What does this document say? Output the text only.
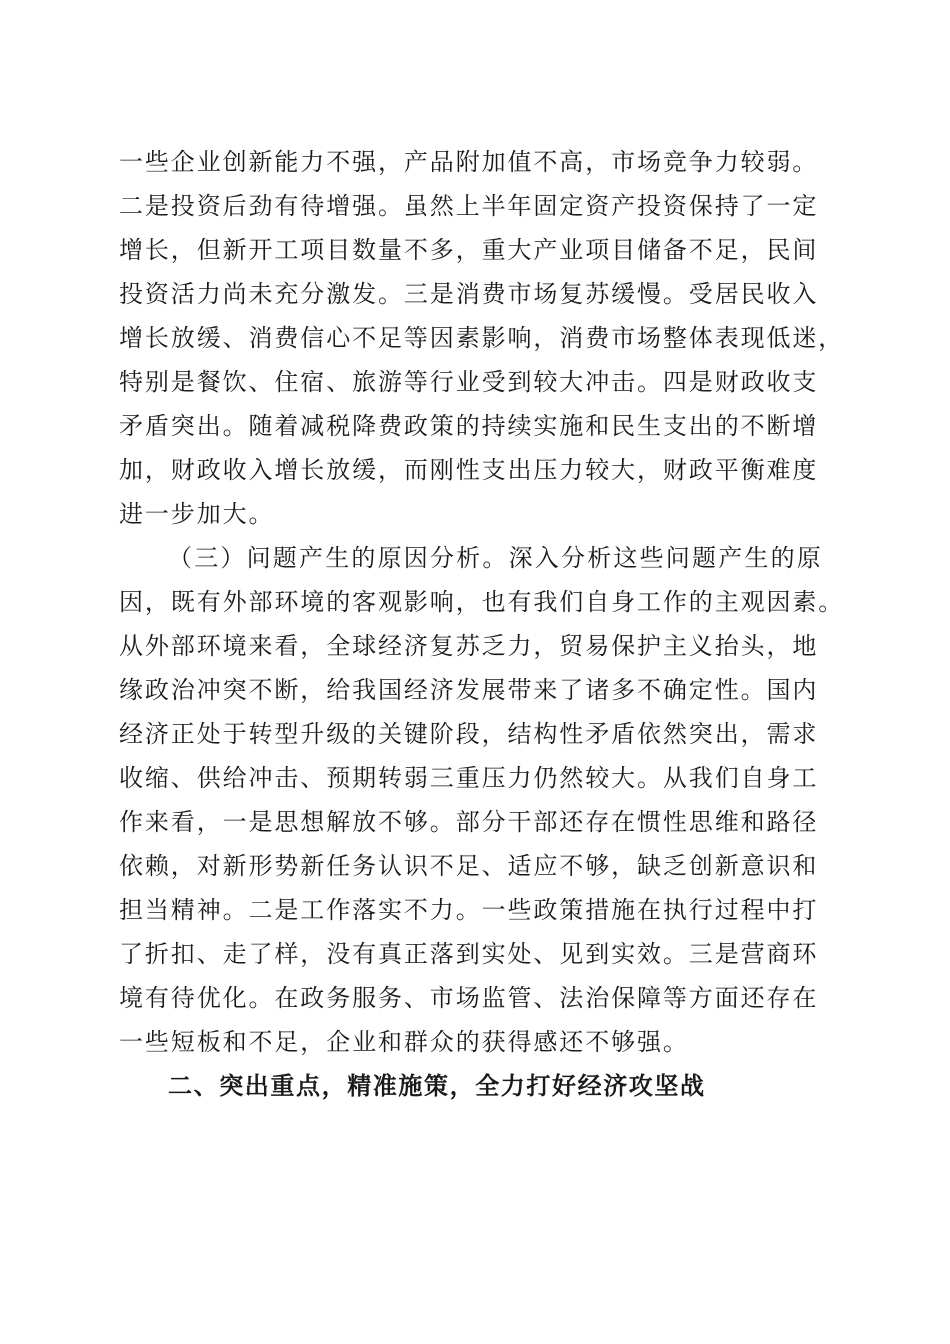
一些企业创新能力不强，产品附加值不高，市场竞争力较弱。
二是投资后劲有待增强。虽然上半年固定资产投资保持了一定
增长，但新开工项目数量不多，重大产业项目储备不足，民间
投资活力尚未充分激发。三是消费市场复苏缓慢。受居民收入
增长放缓、消费信心不足等因素影响，消费市场整体表现低迷，
特别是餐饮、住宿、旅游等行业受到较大冲击。四是财政收支
矛盾突出。随着减税降费政策的持续实施和民生支出的不断增
加，财政收入增长放缓，而刚性支出压力较大，财政平衡难度
进一步加大。
（三）问题产生的原因分析。深入分析这些问题产生的原
因，既有外部环境的客观影响，也有我们自身工作的主观因素。
从外部环境来看，全球经济复苏乏力，贸易保护主义抬头，地
缘政治冲突不断，给我国经济发展带来了诸多不确定性。国内
经济正处于转型升级的关键阶段，结构性矛盾依然突出，需求
收缩、供给冲击、预期转弱三重压力仍然较大。从我们自身工
作来看，一是思想解放不够。部分干部还存在惯性思维和路径
依赖，对新形势新任务认识不足、适应不够，缺乏创新意识和
担当精神。二是工作落实不力。一些政策措施在执行过程中打
了折扣、走了样，没有真正落到实处、见到实效。三是营商环
境有待优化。在政务服务、市场监管、法治保障等方面还存在
一些短板和不足，企业和群众的获得感还不够强。
二、突出重点，精准施策，全力打好经济攻坚战
